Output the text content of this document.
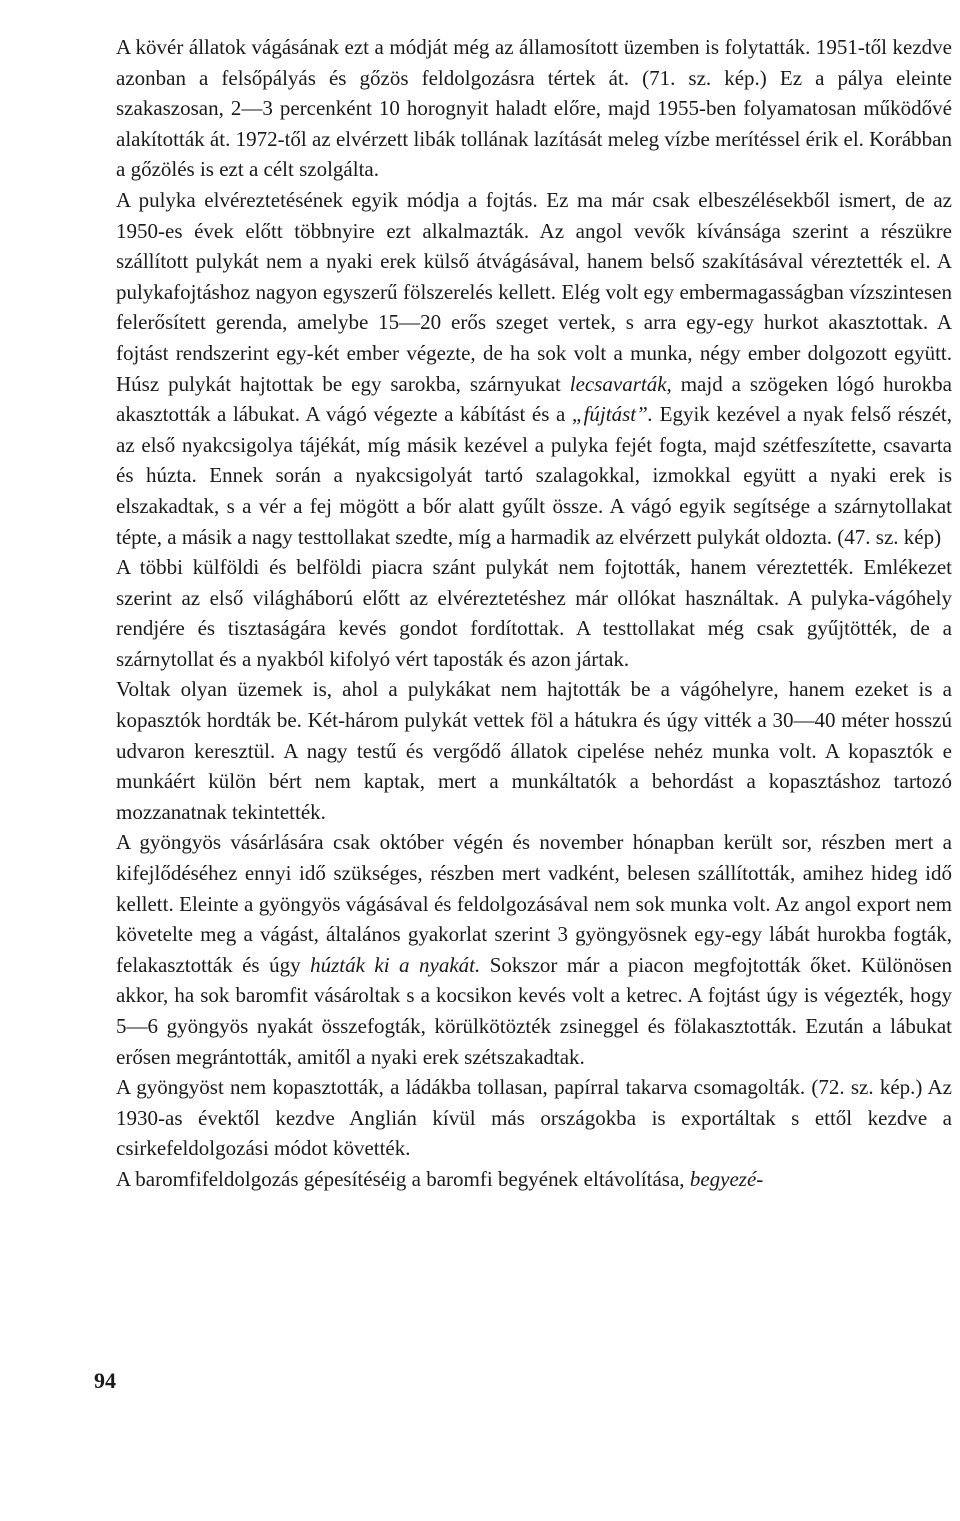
A kövér állatok vágásának ezt a módját még az államosított üzemben is folytatták. 1951-től kezdve azonban a felsőpályás és gőzös feldolgozásra tértek át. (71. sz. kép.) Ez a pálya eleinte szakaszosan, 2—3 percenként 10 horognyit haladt előre, majd 1955-ben folyamatosan működővé alakították át. 1972-től az elvérzett libák tollának lazítását meleg vízbe merítéssel érik el. Korábban a gőzölés is ezt a célt szolgálta.

A pulyka elvéreztetésének egyik módja a fojtás. Ez ma már csak elbeszélésekből ismert, de az 1950-es évek előtt többnyire ezt alkalmazták. Az angol vevők kívánsága szerint a részükre szállított pulykát nem a nyaki erek külső átvágásával, hanem belső szakításával véreztették el. A pulykafojtáshoz nagyon egyszerű fölszerelés kellett. Elég volt egy embermagasságban vízszintesen felerősített gerenda, amelybe 15—20 erős szeget vertek, s arra egy-egy hurkot akasztottak. A fojtást rendszerint egy-két ember végezte, de ha sok volt a munka, négy ember dolgozott együtt. Húsz pulykát hajtottak be egy sarokba, szárnyukat lecsavarták, majd a szögeken lógó hurokba akasztották a lábukat. A vágó végezte a kábítást és a „fújtást”. Egyik kezével a nyak felső részét, az első nyakcsigolya tájékát, míg másik kezével a pulyka fejét fogta, majd szétfeszítette, csavarta és húzta. Ennek során a nyakcsigolyát tartó szalagokkal, izmokkal együtt a nyaki erek is elszakadtak, s a vér a fej mögött a bőr alatt gyűlt össze. A vágó egyik segítsége a szárnytollakat tépte, a másik a nagy testtollakat szedte, míg a harmadik az elvérzett pulykát oldozta. (47. sz. kép)

A többi külföldi és belföldi piacra szánt pulykát nem fojtották, hanem véreztették. Emlékezet szerint az első világháború előtt az elvéreztetéshez már ollókat használtak. A pulyka-vágóhely rendjére és tisztaságára kevés gondot fordítottak. A testtollakat még csak gyűjtötték, de a szárnytollat és a nyakból kifolyó vért taposták és azon jártak.

Voltak olyan üzemek is, ahol a pulykákat nem hajtották be a vágóhelyre, hanem ezeket is a kopasztók hordták be. Két-három pulykát vettek föl a hátukra és úgy vitték a 30—40 méter hosszú udvaron keresztül. A nagy testű és vergődő állatok cipelése nehéz munka volt. A kopasztók e munkáért külön bért nem kaptak, mert a munkáltatók a behordást a kopasztáshoz tartozó mozzanatnak tekintették.

A gyöngyös vásárlására csak október végén és november hónapban került sor, részben mert a kifejlődéséhez ennyi idő szükséges, részben mert vadként, belesen szállították, amihez hideg idő kellett. Eleinte a gyöngyös vágásával és feldolgozásával nem sok munka volt. Az angol export nem követelte meg a vágást, általános gyakorlat szerint 3 gyöngyösnek egy-egy lábát hurokba fogták, felakasztották és úgy húzták ki a nyakát. Sokszor már a piacon megfojtották őket. Különösen akkor, ha sok baromfit vásároltak s a kocsikon kevés volt a ketrec. A fojtást úgy is végezték, hogy 5—6 gyöngyös nyakát összefogták, körülkötözték zsineggel és fölakasztották. Ezután a lábukat erősen megrántották, amitől a nyaki erek szétszakadtak.

A gyöngyöst nem kopasztották, a ládákba tollasan, papírral takarva csomagolták. (72. sz. kép.) Az 1930-as évektől kezdve Anglián kívül más országokba is exportáltak s ettől kezdve a csirkefeldolgozási módot követték.

A baromfifeldolgozás gépesítéséig a baromfi begyének eltávolítása, begyezé-

94
